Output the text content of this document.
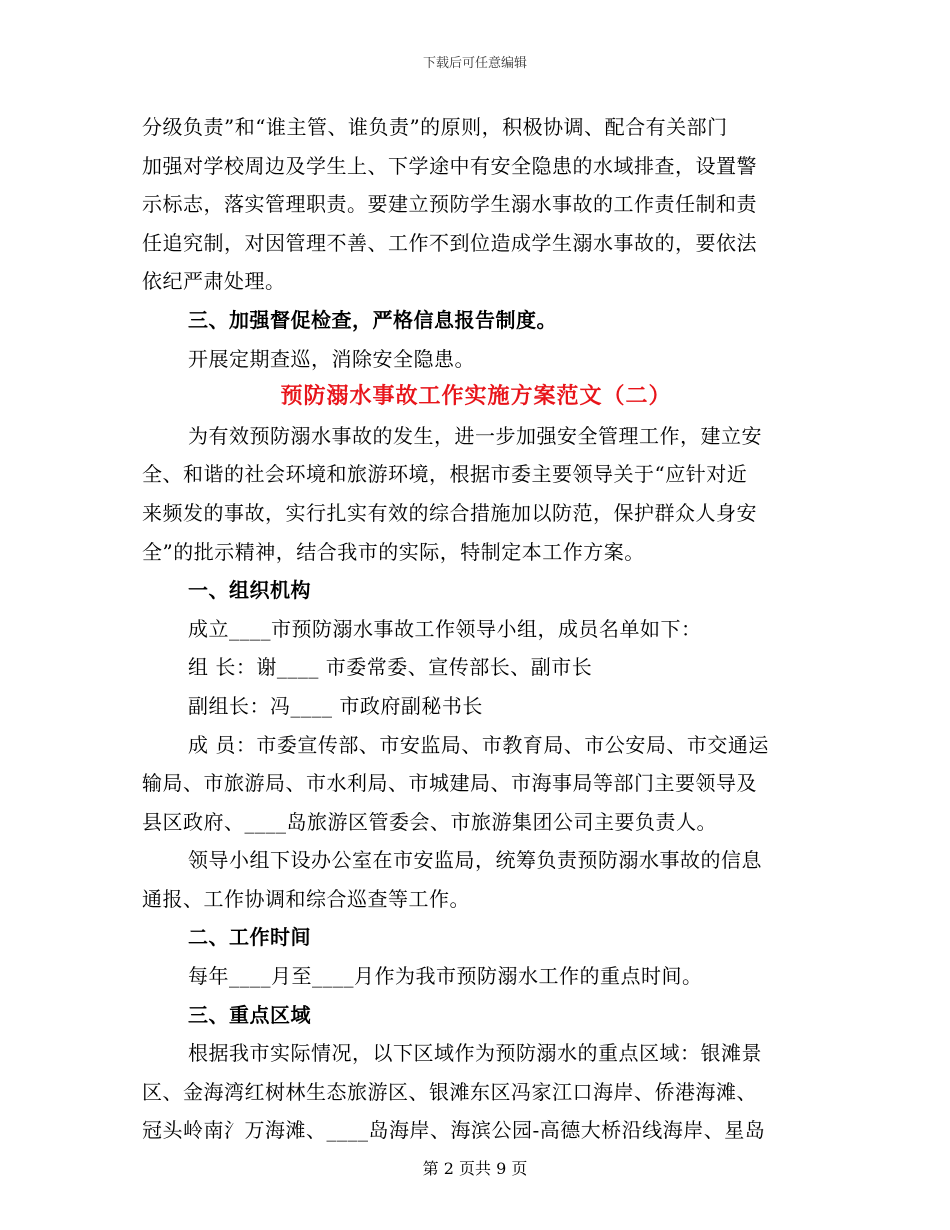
下载后可任意编辑
分级负责”和“谁主管、谁负责”的原则，积极协调、配合有关部门
加强对学校周边及学生上、下学途中有安全隐患的水域排查，设置警
示标志，落实管理职责。要建立预防学生溺水事故的工作责任制和责
任追究制，对因管理不善、工作不到位造成学生溺水事故的，要依法
依纪严肃处理。
三、加强督促检查，严格信息报告制度。
开展定期查巡，消除安全隐患。
预防溺水事故工作实施方案范文（二）
为有效预防溺水事故的发生，进一步加强安全管理工作，建立安
全、和谐的社会环境和旅游环境，根据市委主要领导关于“应针对近
来频发的事故，实行扎实有效的综合措施加以防范，保护群众人身安
全”的批示精神，结合我市的实际，特制定本工作方案。
一、组织机构
成立____市预防溺水事故工作领导小组，成员名单如下：
组 长：谢____ 市委常委、宣传部长、副市长
副组长：冯____ 市政府副秘书长
成 员：市委宣传部、市安监局、市教育局、市公安局、市交通运
输局、市旅游局、市水利局、市城建局、市海事局等部门主要领导及
县区政府、____岛旅游区管委会、市旅游集团公司主要负责人。
领导小组下设办公室在市安监局，统筹负责预防溺水事故的信息
通报、工作协调和综合巡查等工作。
二、工作时间
每年____月至____月作为我市预防溺水工作的重点时间。
三、重点区域
根据我市实际情况，以下区域作为预防溺水的重点区域：银滩景
区、金海湾红树林生态旅游区、银滩东区冯家江口海岸、侨港海滩、
冠头岭南氵万海滩、____岛海岸、海滨公园-高德大桥沿线海岸、星岛
第 2 页共 9 页
